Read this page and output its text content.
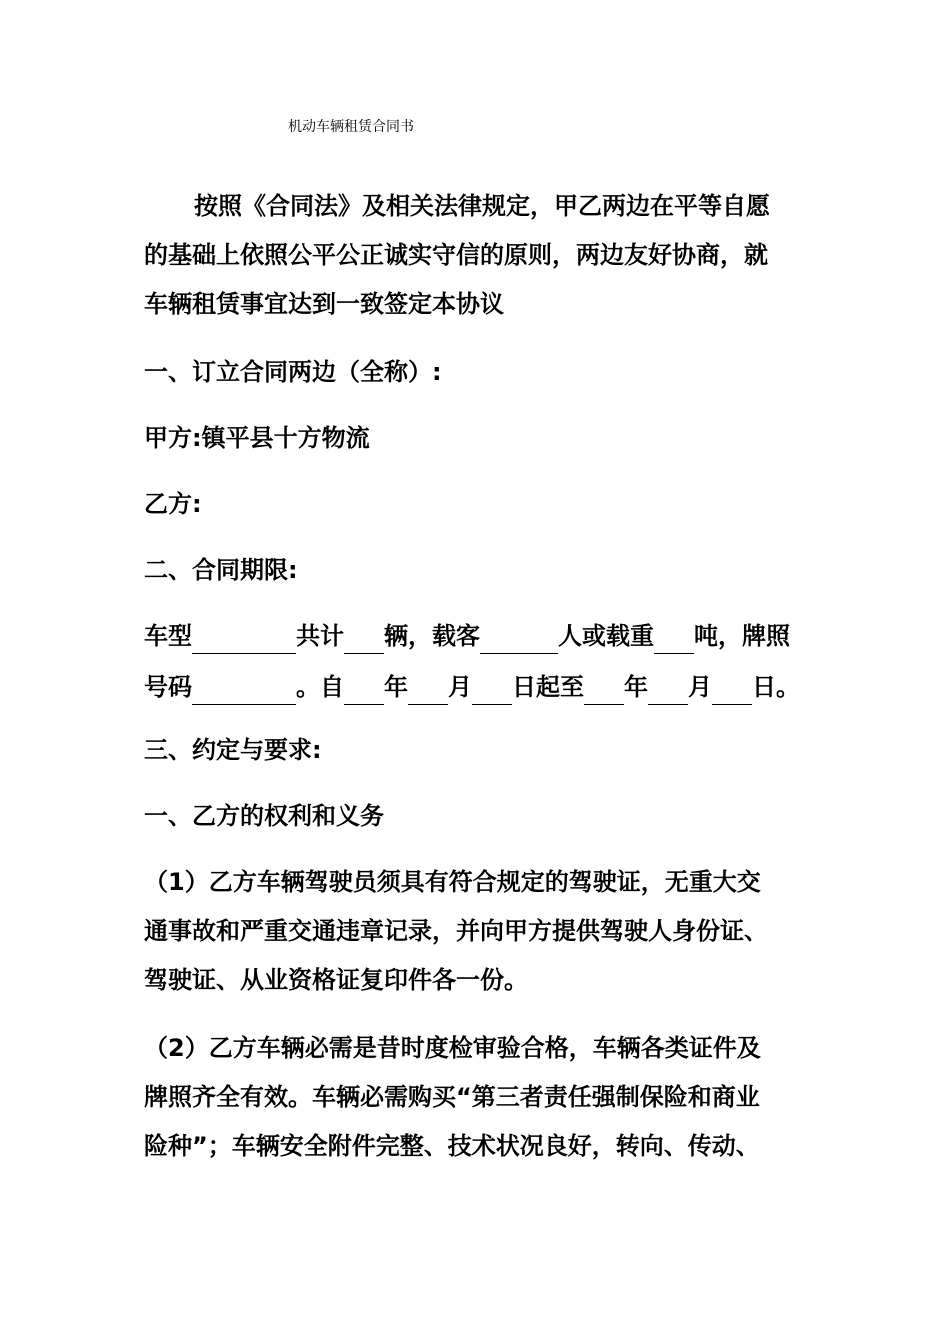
机动车辆租赁合同书
按照《合同法》及相关法律规定，甲乙两边在平等自愿
的基础上依照公平公正诚实守信的原则，两边友好协商，就
车辆租赁事宜达到一致签定本协议
一、订立合同两边（全称）:
甲方:镇平县十方物流
乙方:
二、合同期限:
车型	共计 辆，载客	人或载重 吨，牌照
号码	。自 年 月 日起至 年 月 日。
三、约定与要求:
一、乙方的权利和义务
（1）乙方车辆驾驶员须具有符合规定的驾驶证，无重大交
通事故和严重交通违章记录，并向甲方提供驾驶人身份证、
驾驶证、从业资格证复印件各一份。
（2）乙方车辆必需是昔时度检审验合格，车辆各类证件及
牌照齐全有效。车辆必需购买“第三者责任强制保险和商业
险种”；车辆安全附件完整、技术状况良好，转向、传动、
